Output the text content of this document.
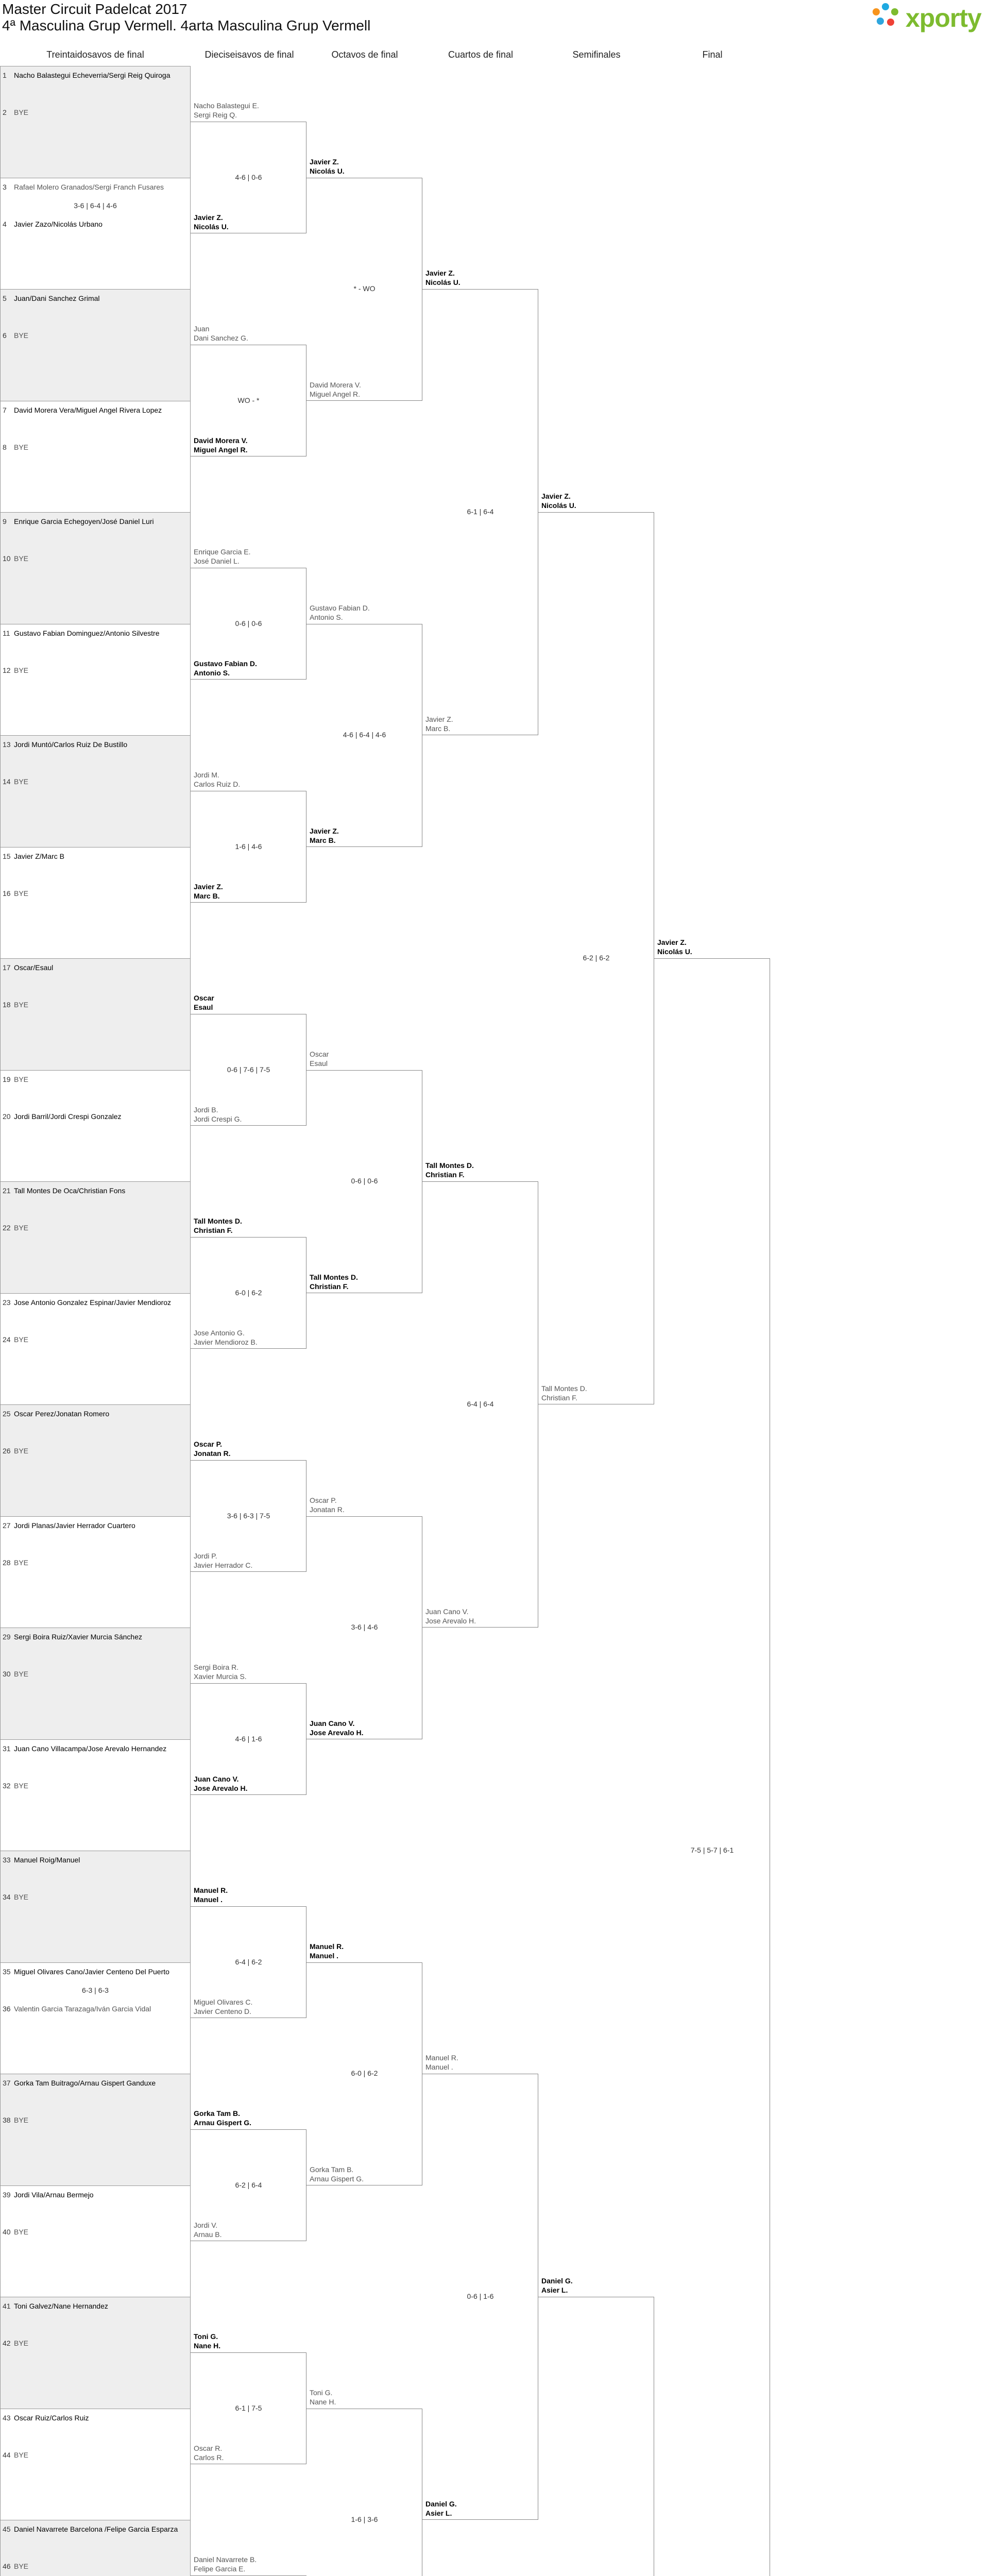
Master Circuit Padelcat 2017
4ª Masculina Grup Vermell. 4arta Masculina Grup Vermell	xporty
Treintaidosavos de final	Dieciseisavos de final	Octavos de final	Cuartos de final	Semifinales	Final
1 Nacho Balastegui Echeverria/Sergi Reig Quiroga
2 BYE
3 Rafael Molero Granados/Sergi Franch Fusares
4 Javier Zazo/Nicolás Urbano
3-6 | 6-4 | 4-6
5 Juan/Dani Sanchez Grimal
6 BYE
7 David Morera Vera/Miguel Angel Rivera Lopez
8 BYE
9 Enrique Garcia Echegoyen/José Daniel Luri
10 BYE
11 Gustavo Fabian Dominguez/Antonio Silvestre
12 BYE
13 Jordi Muntó/Carlos Ruiz De Bustillo
14 BYE
15 Javier Z/Marc B
16 BYE
17 Oscar/Esaul
18 BYE
19 BYE
20 Jordi Barril/Jordi Crespi Gonzalez
21 Tall Montes De Oca/Christian Fons
22 BYE
23 Jose Antonio Gonzalez Espinar/Javier Mendioroz
24 BYE
25 Oscar Perez/Jonatan Romero
26 BYE
27 Jordi Planas/Javier Herrador Cuartero
28 BYE
29 Sergi Boira Ruiz/Xavier Murcia Sánchez
30 BYE
31 Juan Cano Villacampa/Jose Arevalo Hernandez
32 BYE
33 Manuel Roig/Manuel
34 BYE
35 Miguel Olivares Cano/Javier Centeno Del Puerto
36 Valentin Garcia Tarazaga/Iván Garcia Vidal
6-3 | 6-3
37 Gorka Tam Buitrago/Arnau Gispert Ganduxe
38 BYE
39 Jordi Vila/Arnau Bermejo
40 BYE
41 Toni Galvez/Nane Hernandez
42 BYE
43 Oscar Ruiz/Carlos Ruiz
44 BYE
45 Daniel Navarrete Barcelona /Felipe Garcia Esparza
46 BYE
Nacho Balastegui E.
Sergi Reig Q.
Javier Z.
Nicolás U.
4-6 | 0-6
Juan
Dani Sanchez G.
David Morera V.
Miguel Angel R.
WO - *
Enrique Garcia E.
José Daniel L.
Gustavo Fabian D.
Antonio S.
0-6 | 0-6
Jordi M.
Carlos Ruiz D.
Javier Z.
Marc B.
1-6 | 4-6
Oscar
Esaul
Jordi B.
Jordi Crespi G.
0-6 | 7-6 | 7-5
Tall Montes D.
Christian F.
Jose Antonio G.
Javier Mendioroz B.
6-0 | 6-2
Oscar P.
Jonatan R.
Jordi P.
Javier Herrador C.
3-6 | 6-3 | 7-5
Sergi Boira R.
Xavier Murcia S.
Juan Cano V.
Jose Arevalo H.
4-6 | 1-6
Manuel R.
Manuel .
Miguel Olivares C.
Javier Centeno D.
6-4 | 6-2
Gorka Tam B.
Arnau Gispert G.
Jordi V.
Arnau B.
6-2 | 6-4
Toni G.
Nane H.
Oscar R.
Carlos R.
6-1 | 7-5
Daniel Navarrete B.
Felipe Garcia E.
Javier Z.
Nicolás U.
David Morera V.
Miguel Angel R.
* - WO
Gustavo Fabian D.
Antonio S.
Javier Z.
Marc B.
4-6 | 6-4 | 4-6
Oscar
Esaul
Tall Montes D.
Christian F.
0-6 | 0-6
Oscar P.
Jonatan R.
Juan Cano V.
Jose Arevalo H.
3-6 | 4-6
Manuel R.
Manuel .
Gorka Tam B.
Arnau Gispert G.
6-0 | 6-2
Toni G.
Nane H.
1-6 | 3-6
Javier Z.
Nicolás U.
Javier Z.
Marc B.
6-1 | 6-4
Tall Montes D.
Christian F.
Juan Cano V.
Jose Arevalo H.
6-4 | 6-4
Manuel R.
Manuel .
Daniel G.
Asier L.
0-6 | 1-6
Javier Z.
Nicolás U.
Tall Montes D.
Christian F.
6-2 | 6-2
Daniel G.
Asier L.
Javier Z.
Nicolás U.
7-5 | 5-7 | 6-1
